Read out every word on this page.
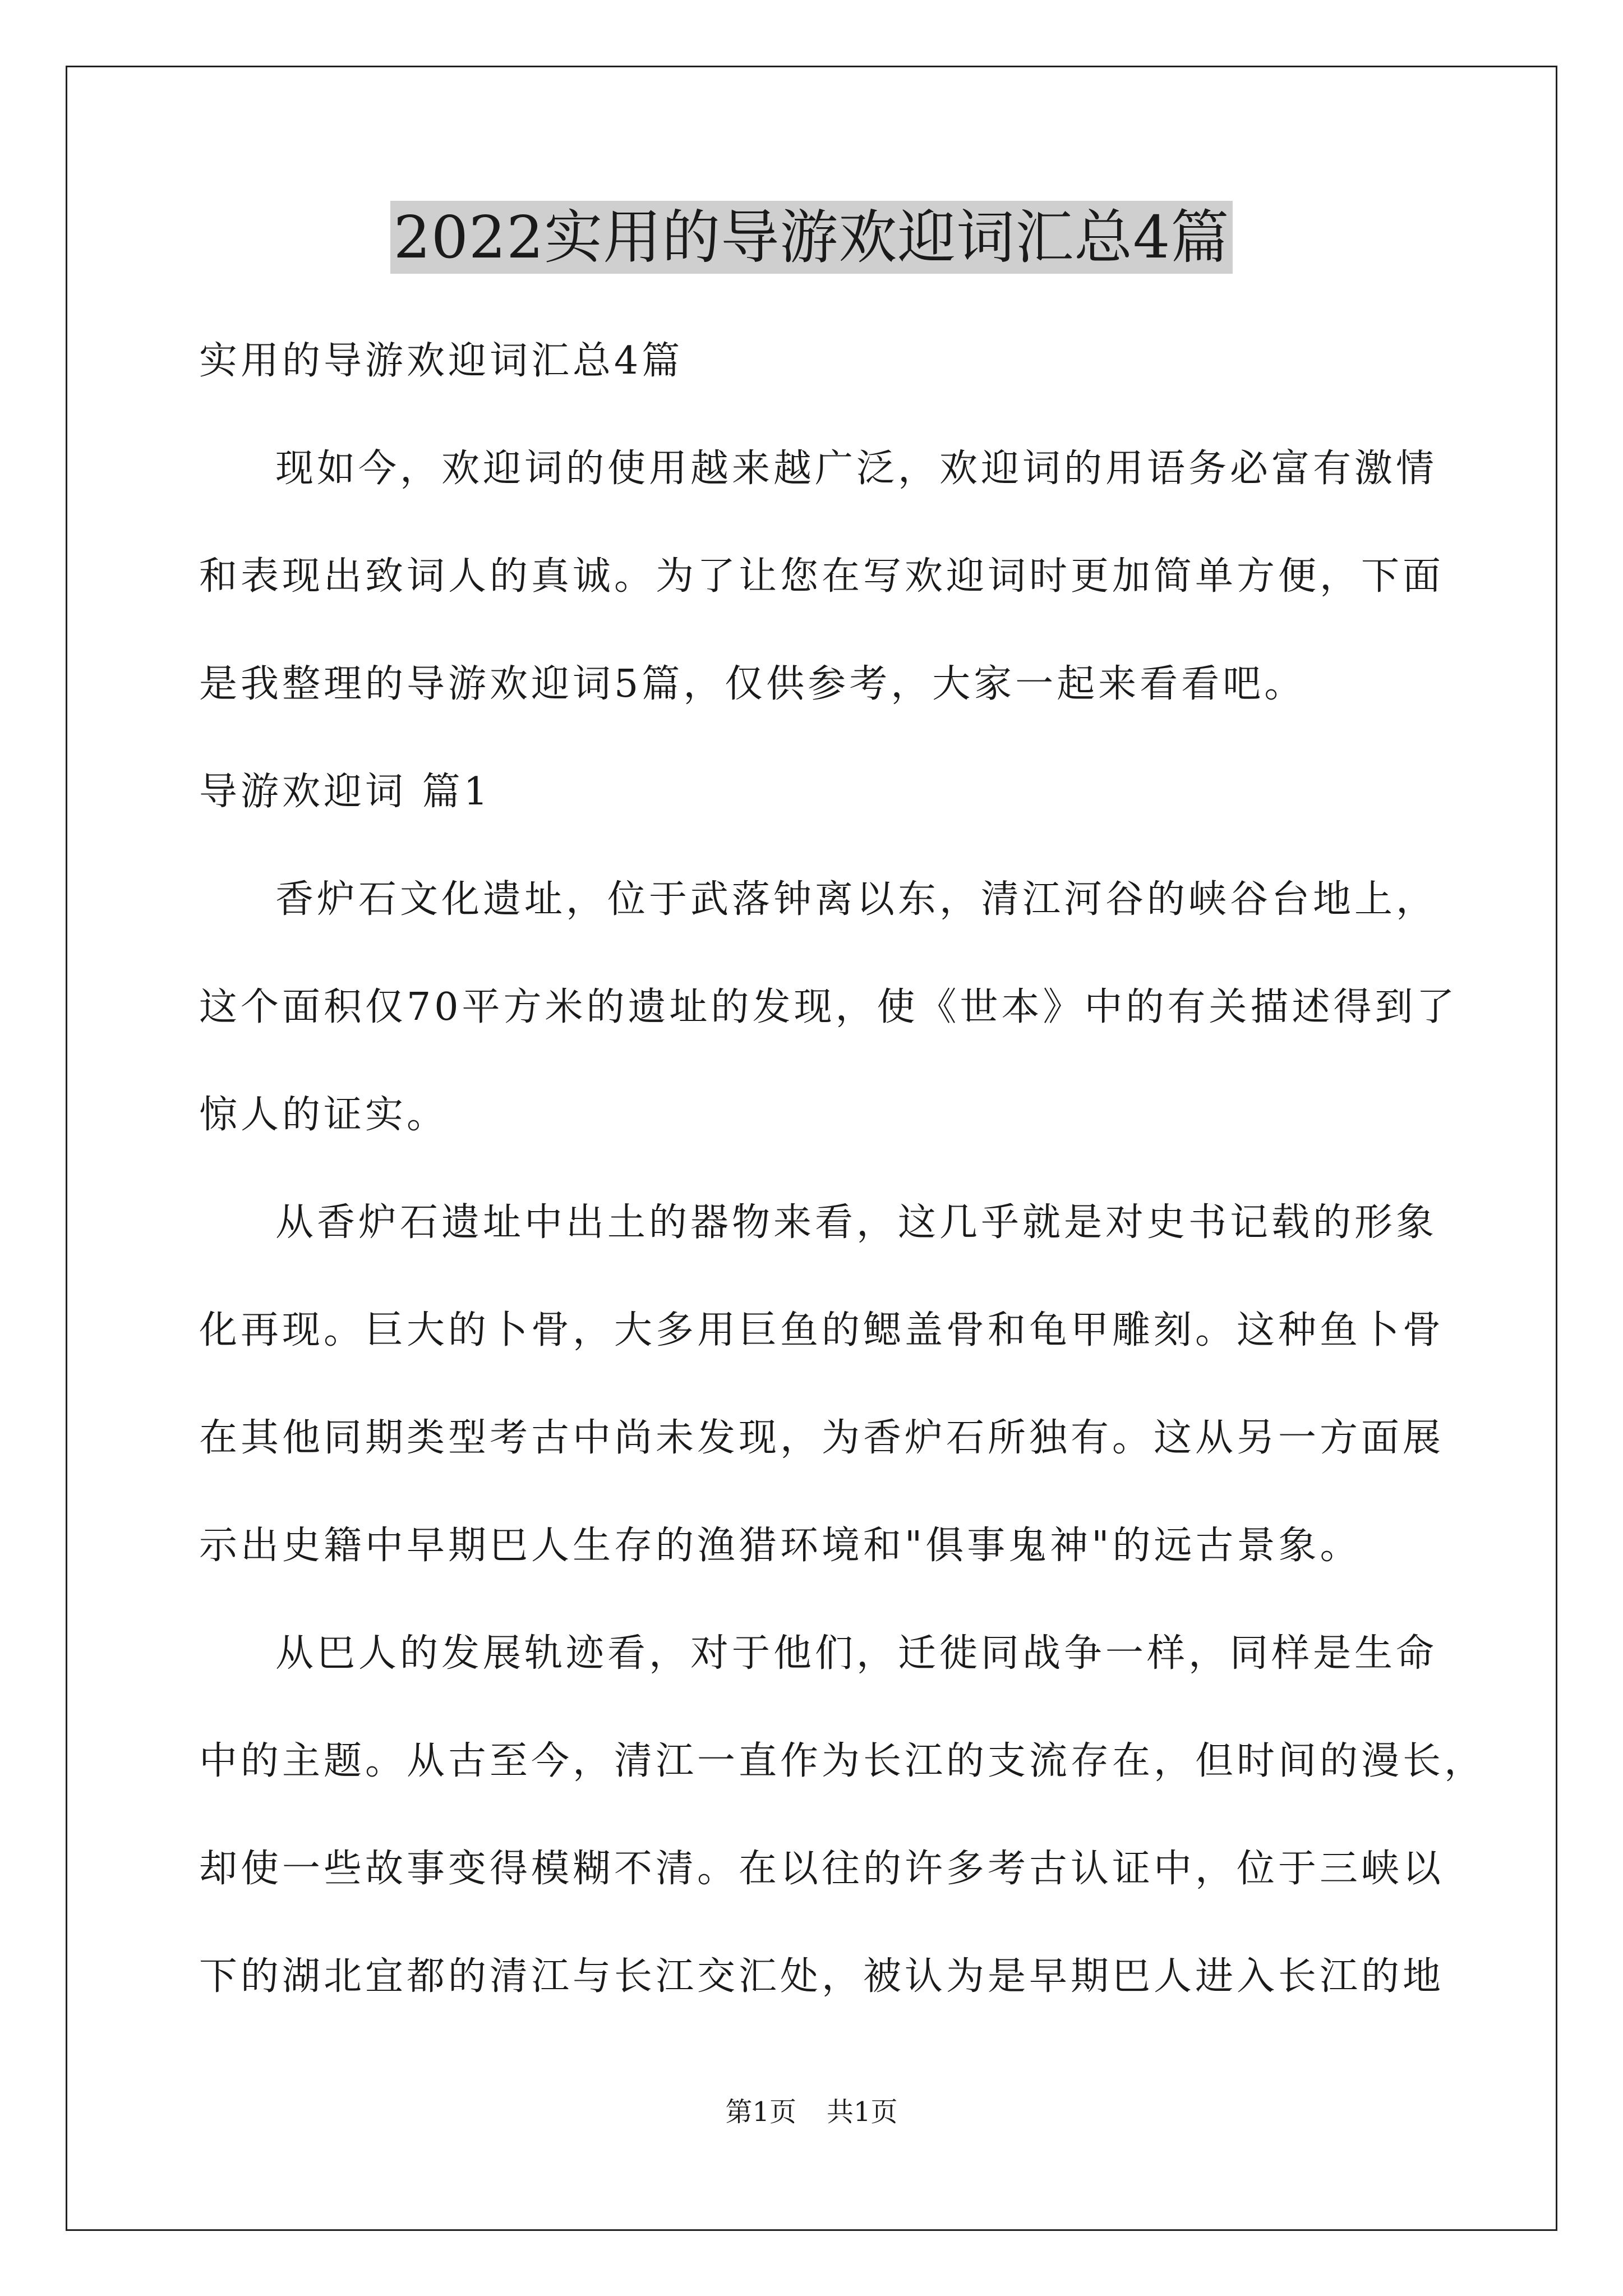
2022实用的导游欢迎词汇总4篇
实用的导游欢迎词汇总4篇
现如今，欢迎词的使用越来越广泛，欢迎词的用语务必富有激情
和表现出致词人的真诚。为了让您在写欢迎词时更加简单方便，下面
是我整理的导游欢迎词5篇，仅供参考，大家一起来看看吧。
导游欢迎词 篇1
香炉石文化遗址，位于武落钟离以东，清江河谷的峡谷台地上，
这个面积仅70平方米的遗址的发现，使《世本》中的有关描述得到了
惊人的证实。
从香炉石遗址中出土的器物来看，这几乎就是对史书记载的形象
化再现。巨大的卜骨，大多用巨鱼的鳃盖骨和龟甲雕刻。这种鱼卜骨
在其他同期类型考古中尚未发现，为香炉石所独有。这从另一方面展
示出史籍中早期巴人生存的渔猎环境和"俱事鬼神"的远古景象。
从巴人的发展轨迹看，对于他们，迁徙同战争一样，同样是生命
中的主题。从古至今，清江一直作为长江的支流存在，但时间的漫长，
却使一些故事变得模糊不清。在以往的许多考古认证中，位于三峡以
下的湖北宜都的清江与长江交汇处，被认为是早期巴人进入长江的地
第1页 共1页
